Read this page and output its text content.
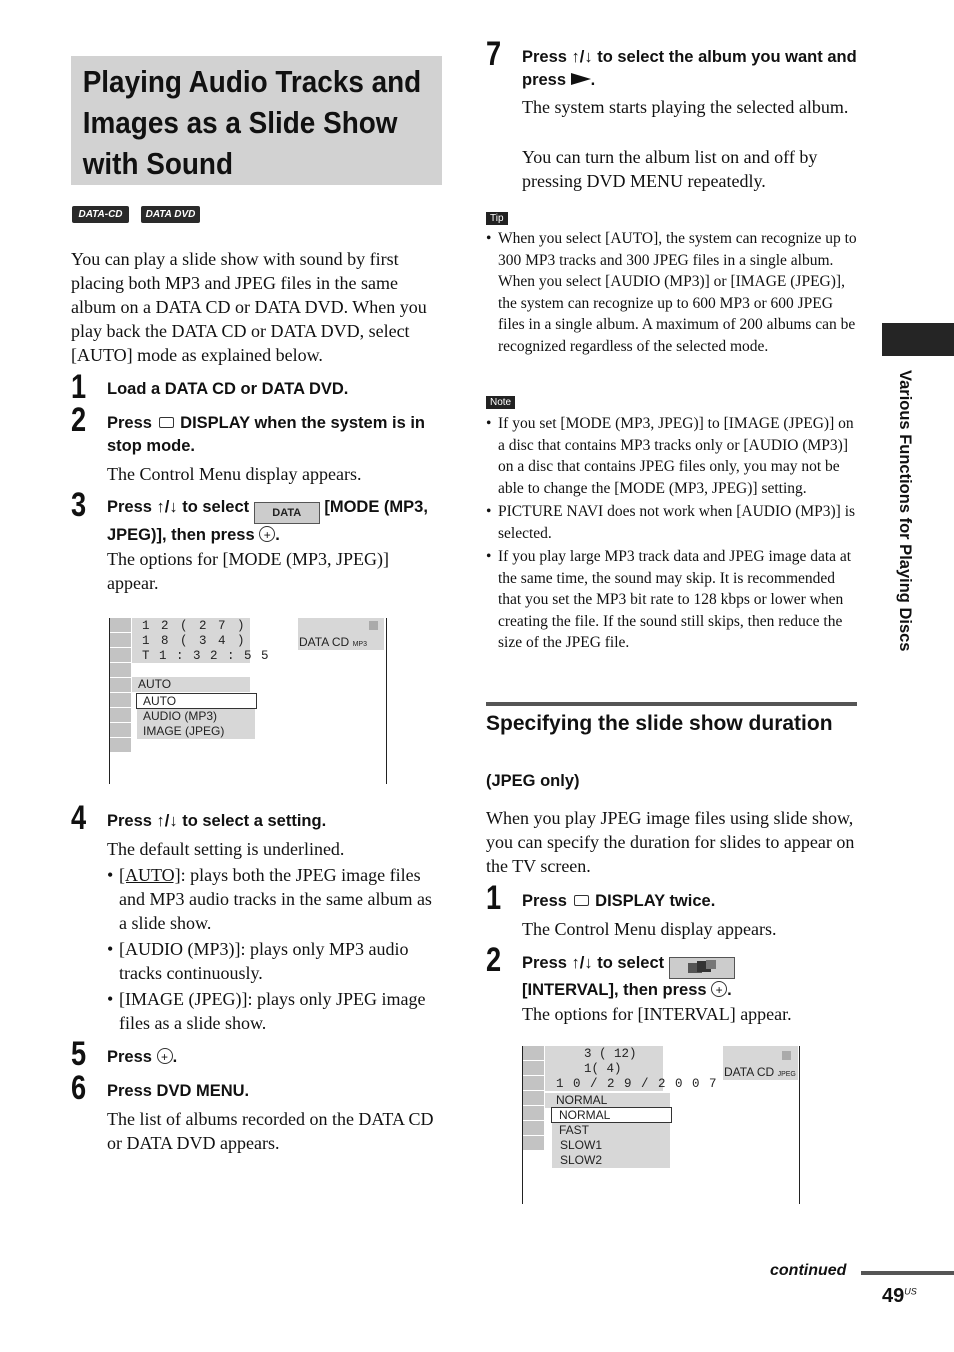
Playing Audio Tracks and Images as a Slide Show with Sound
DATA-CD	DATA DVD
You can play a slide show with sound by first placing both MP3 and JPEG files in the same album on a DATA CD or DATA DVD. When you play back the DATA CD or DATA DVD, select [AUTO] mode as explained below.
1 Load a DATA CD or DATA DVD.
2 Press DISPLAY when the system is in stop mode.
The Control Menu display appears.
3 Press ↑/↓ to select DATA [MODE (MP3, JPEG)], then press + .
The options for [MODE (MP3, JPEG)] appear.
1 2 ( 2 7 )
1 8 ( 3 4 )
T 1 : 3 2 : 5 5
DATA CD MP3
AUTO
AUTO
AUDIO (MP3)
IMAGE (JPEG)
4 Press ↑/↓ to select a setting.
The default setting is underlined.
• [AUTO]: plays both the JPEG image files and MP3 audio tracks in the same album as a slide show.
• [AUDIO (MP3)]: plays only MP3 audio tracks continuously.
• [IMAGE (JPEG)]: plays only JPEG image files as a slide show.
5 Press + .
6 Press DVD MENU.
The list of albums recorded on the DATA CD or DATA DVD appears.
7 Press ↑/↓ to select the album you want and press .
The system starts playing the selected album.
You can turn the album list on and off by pressing DVD MENU repeatedly.
Tip
• When you select [AUTO], the system can recognize up to 300 MP3 tracks and 300 JPEG files in a single album. When you select [AUDIO (MP3)] or [IMAGE (JPEG)], the system can recognize up to 600 MP3 or 600 JPEG files in a single album. A maximum of 200 albums can be recognized regardless of the selected mode.
Note
• If you set [MODE (MP3, JPEG)] to [IMAGE (JPEG)] on a disc that contains MP3 tracks only or [AUDIO (MP3)] on a disc that contains JPEG files only, you may not be able to change the [MODE (MP3, JPEG)] setting.
• PICTURE NAVI does not work when [AUDIO (MP3)] is selected.
• If you play large MP3 track data and JPEG image data at the same time, the sound may skip. It is recommended that you set the MP3 bit rate to 128 kbps or lower when creating the file. If the sound still skips, then reduce the size of the JPEG file.
Specifying the slide show duration
(JPEG only)
When you play JPEG image files using slide show, you can specify the duration for slides to appear on the TV screen.
1 Press DISPLAY twice.
The Control Menu display appears.
2 Press ↑/↓ to select
[INTERVAL], then press + .
The options for [INTERVAL] appear.
3 ( 12)
1( 4)
1 0 / 2 9 / 2 0 0 7
DATA CD JPEG
NORMAL
NORMAL
FAST
SLOW1
SLOW2
Various Functions for Playing Discs
continued
$49^{US}$
